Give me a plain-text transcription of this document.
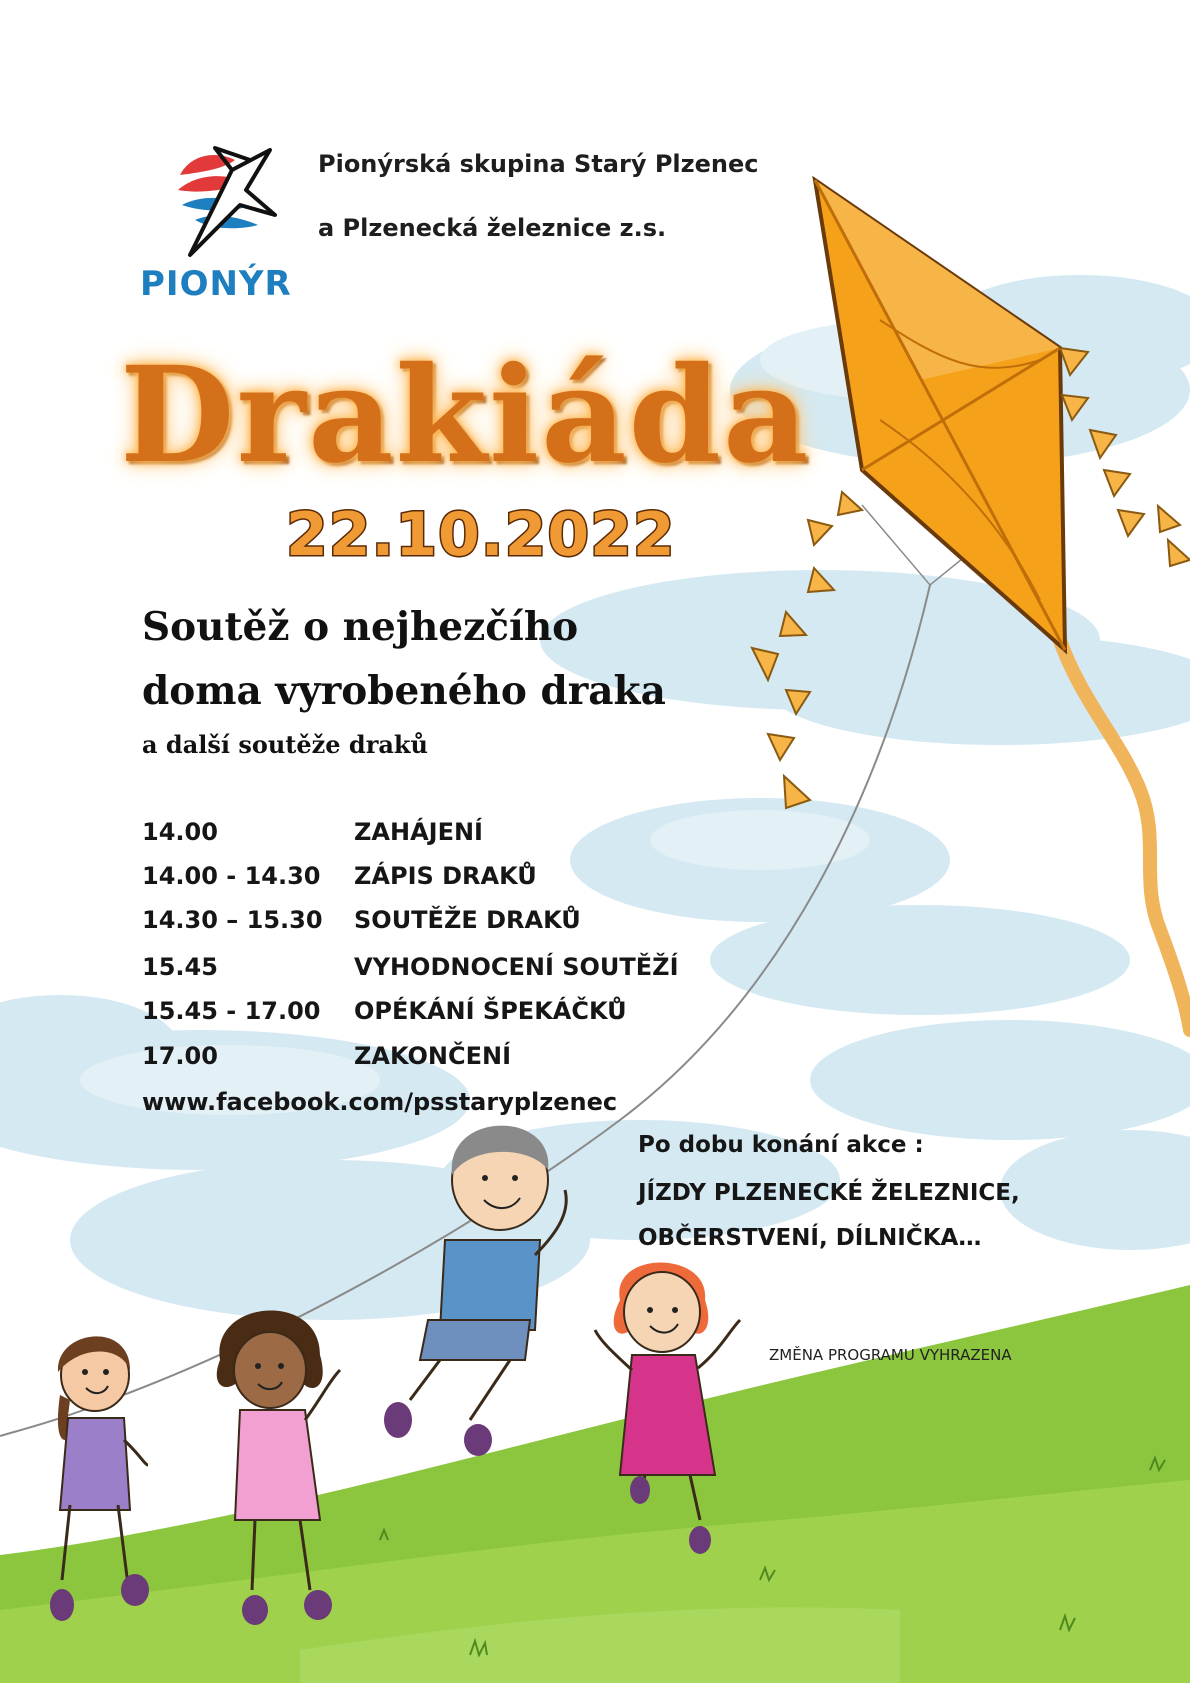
PIONÝR
Pionýrská skupina Starý Plzenec
a Plzenecká železnice z.s.
Drakiáda
22.10.2022
Soutěž o nejhezčího
doma vyrobeného draka
a další soutěže draků
14.00	ZAHÁJENÍ
14.00 - 14.30 ZÁPIS DRAKŮ
14.30 – 15.30 SOUTĚŽE DRAKŮ
15.45	VYHODNOCENÍ SOUTĚŽÍ
15.45 - 17.00 OPÉKÁNÍ ŠPEKÁČKŮ
17.00	ZAKONČENÍ
www.facebook.com/psstaryplzenec
Po dobu konání akce :
JÍZDY PLZENECKÉ ŽELEZNICE,
OBČERSTVENÍ, DÍLNIČKA…
ZMĚNA PROGRAMU VYHRAZENA
